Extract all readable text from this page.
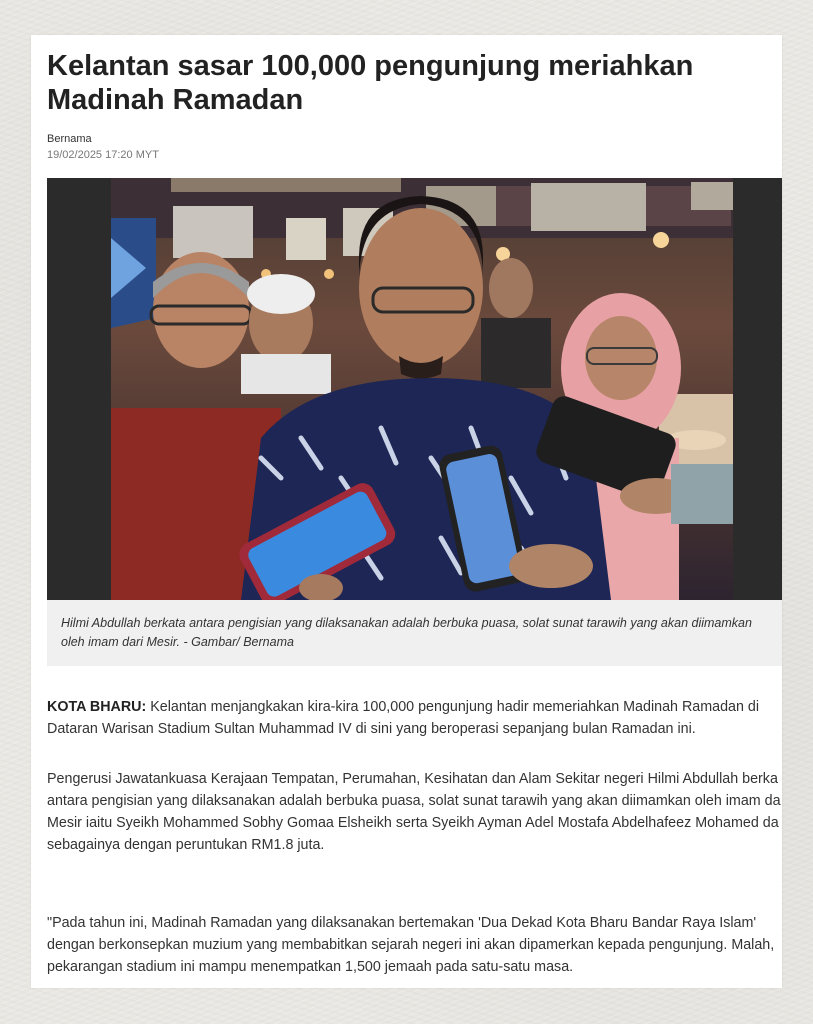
Kelantan sasar 100,000 pengunjung meriahkan
Madinah Ramadan
Bernama
19/02/2025 17:20 MYT

Hilmi Abdullah berkata antara pengisian yang dilaksanakan adalah berbuka puasa, solat sunat tarawih yang akan diimamkan
oleh imam dari Mesir. - Gambar/ Bernama

KOTA BHARU: Kelantan menjangkakan kira-kira 100,000 pengunjung hadir memeriahkan Madinah Ramadan di
Dataran Warisan Stadium Sultan Muhammad IV di sini yang beroperasi sepanjang bulan Ramadan ini.

Pengerusi Jawatankuasa Kerajaan Tempatan, Perumahan, Kesihatan dan Alam Sekitar negeri Hilmi Abdullah berka
antara pengisian yang dilaksanakan adalah berbuka puasa, solat sunat tarawih yang akan diimamkan oleh imam da
Mesir iaitu Syeikh Mohammed Sobhy Gomaa Elsheikh serta Syeikh Ayman Adel Mostafa Abdelhafeez Mohamed da
sebagainya dengan peruntukan RM1.8 juta.

"Pada tahun ini, Madinah Ramadan yang dilaksanakan bertemakan 'Dua Dekad Kota Bharu Bandar Raya Islam'
dengan berkonsepkan muzium yang membabitkan sejarah negeri ini akan dipamerkan kepada pengunjung. Malah,
pekarangan stadium ini mampu menempatkan 1,500 jemaah pada satu-satu masa.
